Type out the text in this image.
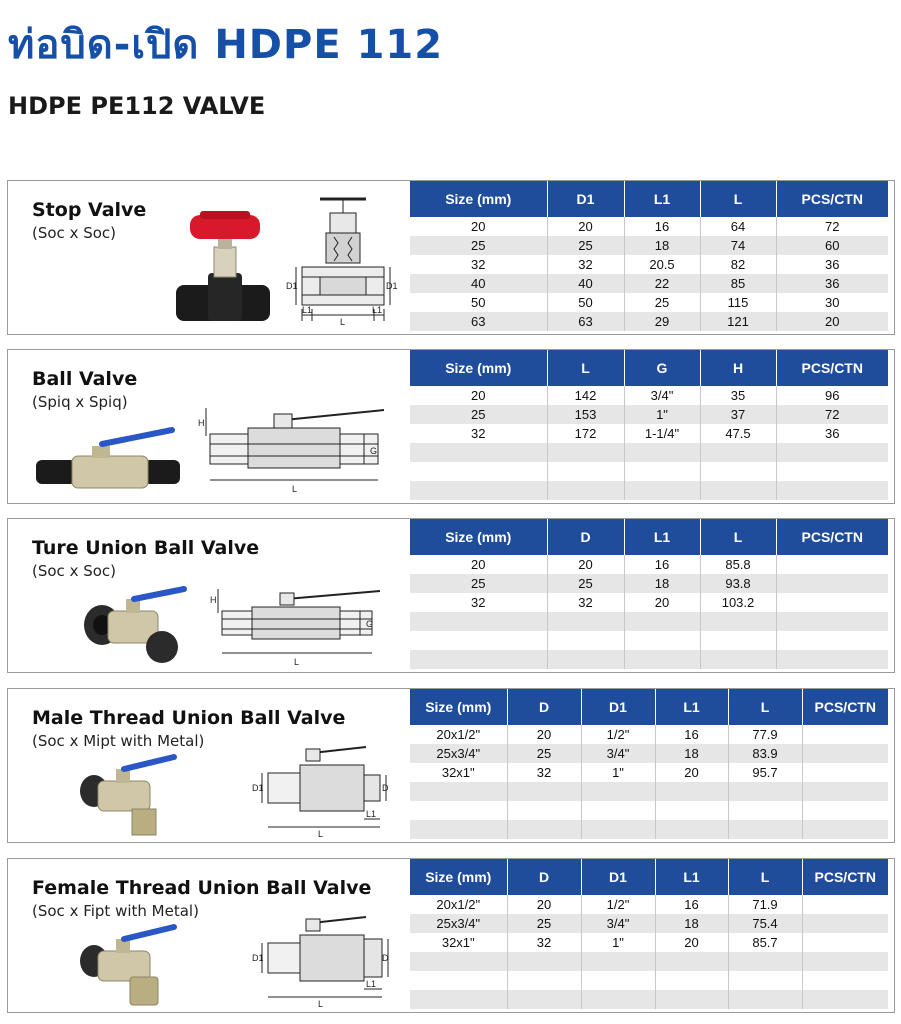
ท่อบิด-เปิด HDPE 112
HDPE PE112 VALVE
Stop Valve
(Soc x Soc)
D1	D1
L1
L
L1
Size (mm)	D1	L1	L	PCS/CTN
20	20	16	64	72
25	25	18	74	60
32	32	20.5	82	36
40	40	22	85	36
50	50	25	115	30
63	63	29	121	20
Ball Valve
(Spiq x Spiq)
H
G
L
Size (mm)	L	G	H	PCS/CTN
20	142	3/4"	35	96
25	153	1"	37	72
32	172	1-1/4"	47.5	36

Ture Union Ball Valve
(Soc x Soc)
H
G
L
Size (mm)	D	L1	L	PCS/CTN
20	20	16	85.8	
25	25	18	93.8	
32	32	20	103.2	

Male Thread Union Ball Valve
(Soc x Mipt with Metal)
D1	D
L1
L
Size (mm)	D	D1	L1	L	PCS/CTN
20x1/2"	20	1/2"	16	77.9	
25x3/4"	25	3/4"	18	83.9	
32x1"	32	1"	20	95.7	

Female Thread Union Ball Valve
(Soc x Fipt with Metal)
D1	D
L1
L
Size (mm)	D	D1	L1	L	PCS/CTN
20x1/2"	20	1/2"	16	71.9	
25x3/4"	25	3/4"	18	75.4	
32x1"	32	1"	20	85.7	
